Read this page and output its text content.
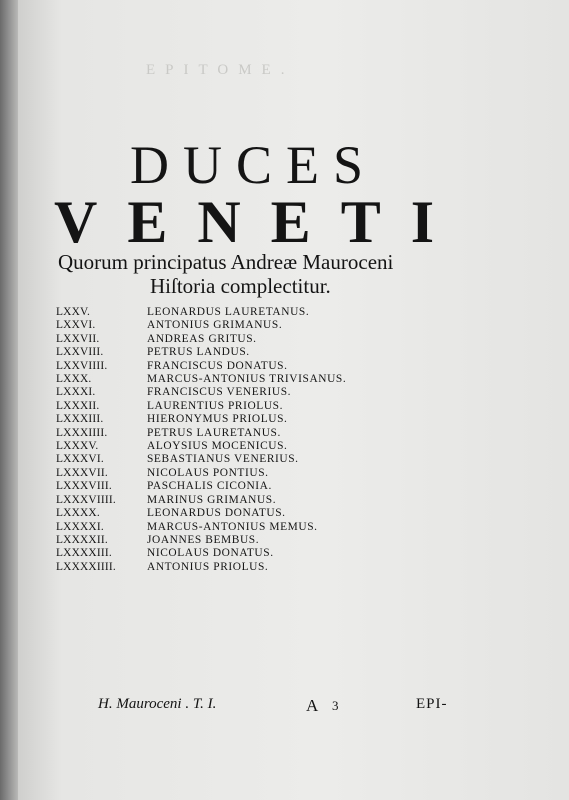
EPITOME.
DUCES
VENETI
Quorum principatus Andreæ Mauroceni
Hiſtoria complectitur.
LXXV.	LEONARDUS LAURETANUS.
LXXVI.	ANTONIUS GRIMANUS.
LXXVII.	ANDREAS GRITUS.
LXXVIII.	PETRUS LANDUS.
LXXVIIII.	FRANCISCUS DONATUS.
LXXX.	MARCUS-ANTONIUS TRIVISANUS.
LXXXI.	FRANCISCUS VENERIUS.
LXXXII.	LAURENTIUS PRIOLUS.
LXXXIII.	HIERONYMUS PRIOLUS.
LXXXIIII.	PETRUS LAURETANUS.
LXXXV.	ALOYSIUS MOCENICUS.
LXXXVI.	SEBASTIANUS VENERIUS.
LXXXVII.	NICOLAUS PONTIUS.
LXXXVIII.	PASCHALIS CICONIA.
LXXXVIIII.	MARINUS GRIMANUS.
LXXXX.	LEONARDUS DONATUS.
LXXXXI.	MARCUS-ANTONIUS MEMUS.
LXXXXII.	JOANNES BEMBUS.
LXXXXIII.	NICOLAUS DONATUS.
LXXXXIIII.	ANTONIUS PRIOLUS.
H. Mauroceni . T. I.	A 3	EPI-
